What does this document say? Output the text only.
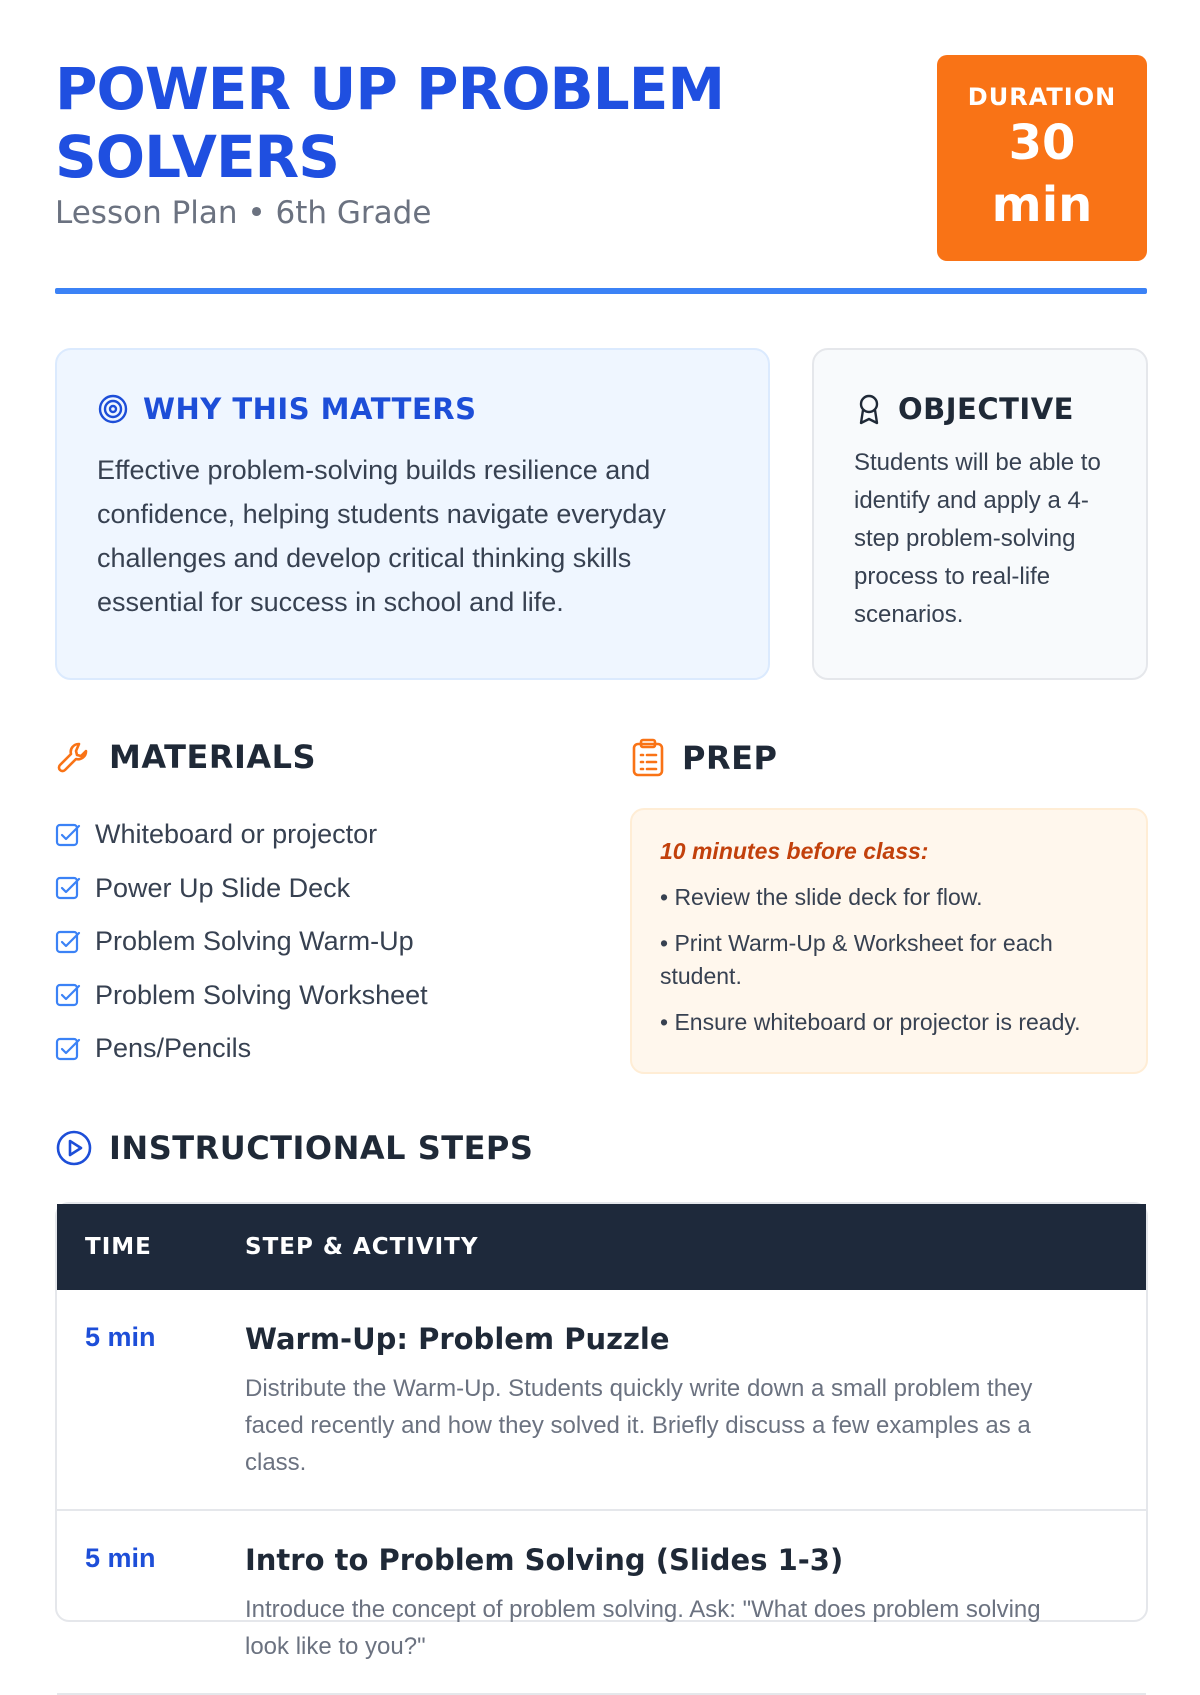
POWER UP PROBLEM SOLVERS
Lesson Plan • 6th Grade
DURATION
30
min
WHY THIS MATTERS
Effective problem-solving builds resilience and confidence, helping students navigate everyday challenges and develop critical thinking skills essential for success in school and life.
OBJECTIVE
Students will be able to identify and apply a 4-step problem-solving process to real-life scenarios.
MATERIALS
Whiteboard or projector
Power Up Slide Deck
Problem Solving Warm-Up
Problem Solving Worksheet
Pens/Pencils
PREP
10 minutes before class:
• Review the slide deck for flow.
• Print Warm-Up & Worksheet for each student.
• Ensure whiteboard or projector is ready.
INSTRUCTIONAL STEPS
TIME	STEP & ACTIVITY
5 min	Warm-Up: Problem Puzzle
Distribute the Warm-Up. Students quickly write down a small problem they faced recently and how they solved it. Briefly discuss a few examples as a class.
5 min	Intro to Problem Solving (Slides 1-3)
Introduce the concept of problem solving. Ask: "What does problem solving look like to you?"
